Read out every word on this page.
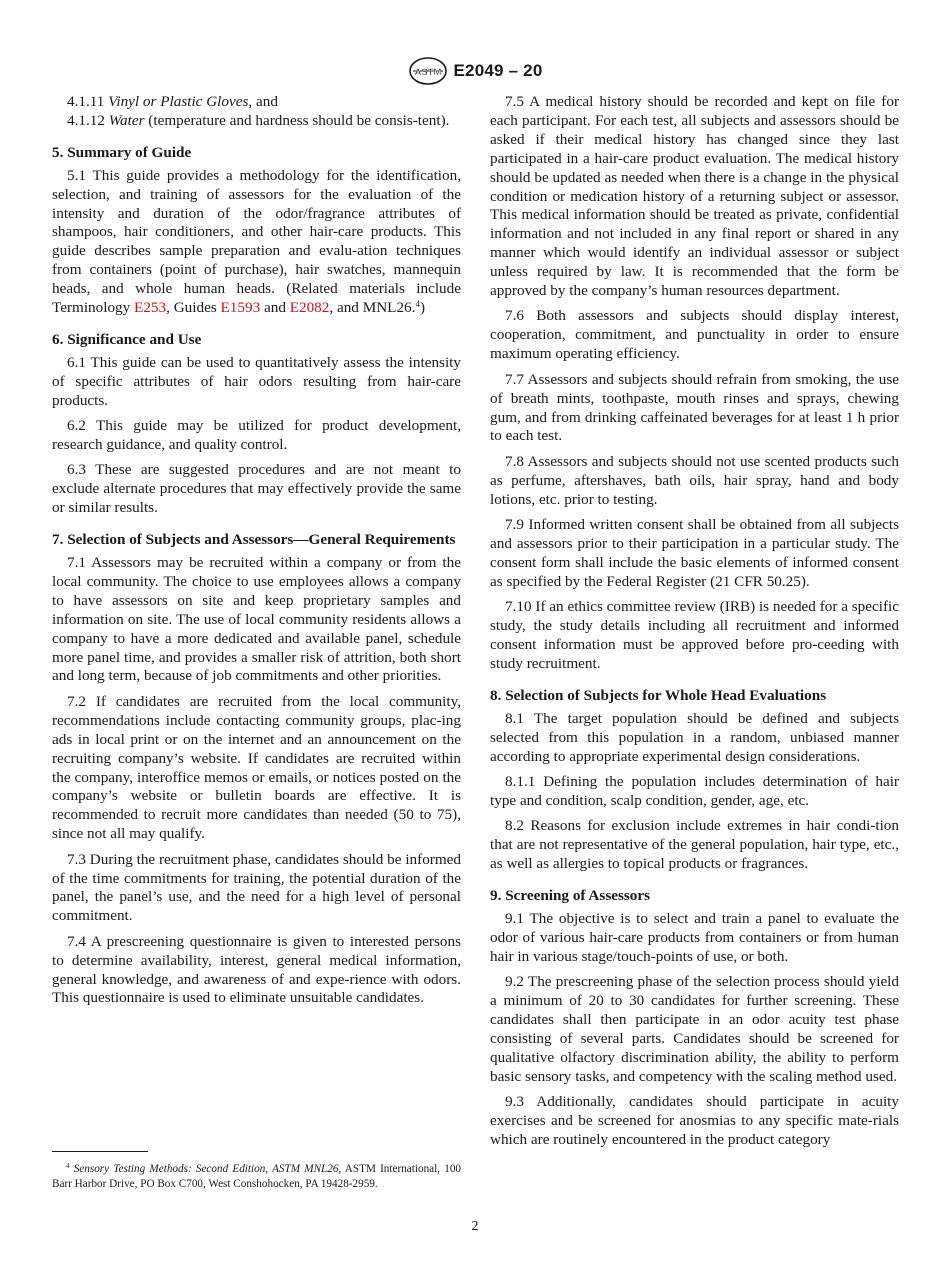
ASTM E2049 – 20

4.1.11 Vinyl or Plastic Gloves, and

4.1.12 Water (temperature and hardness should be consis-tent).

5. Summary of Guide

5.1 This guide provides a methodology for the identification, selection, and training of assessors for the evaluation of the intensity and duration of the odor/fragrance attributes of shampoos, hair conditioners, and other hair-care products. This guide describes sample preparation and evalu-ation techniques from containers (point of purchase), hair swatches, mannequin heads, and whole human heads. (Related materials include Terminology E253, Guides E1593 and E2082, and MNL26.$^4$)

6. Significance and Use

6.1 This guide can be used to quantitatively assess the intensity of specific attributes of hair odors resulting from hair-care products.

6.2 This guide may be utilized for product development, research guidance, and quality control.

6.3 These are suggested procedures and are not meant to exclude alternate procedures that may effectively provide the same or similar results.

7. Selection of Subjects and Assessors—General Requirements

7.1 Assessors may be recruited within a company or from the local community. The choice to use employees allows a company to have assessors on site and keep proprietary samples and information on site. The use of local community residents allows a company to have a more dedicated and available panel, schedule more panel time, and provides a smaller risk of attrition, both short and long term, because of job commitments and other priorities.

7.2 If candidates are recruited from the local community, recommendations include contacting community groups, plac-ing ads in local print or on the internet and an announcement on the recruiting company’s website. If candidates are recruited within the company, interoffice memos or emails, or notices posted on the company’s website or bulletin boards are effective. It is recommended to recruit more candidates than needed (50 to 75), since not all may qualify.

7.3 During the recruitment phase, candidates should be informed of the time commitments for training, the potential duration of the panel, the panel’s use, and the need for a high level of personal commitment.

7.4 A prescreening questionnaire is given to interested persons to determine availability, interest, general medical information, general knowledge, and awareness of and expe-rience with odors. This questionnaire is used to eliminate unsuitable candidates.

$^4$ Sensory Testing Methods: Second Edition, ASTM MNL26, ASTM International, 100 Barr Harbor Drive, PO Box C700, West Conshohocken, PA 19428-2959.

7.5 A medical history should be recorded and kept on file for each participant. For each test, all subjects and assessors should be asked if their medical history has changed since they last participated in a hair-care product evaluation. The medical history should be updated as needed when there is a change in the physical condition or medication history of a returning subject or assessor. This medical information should be treated as private, confidential information and not included in any final report or shared in any manner which would identify an individual assessor or subject unless required by law. It is recommended that the form be approved by the company’s human resources department.

7.6 Both assessors and subjects should display interest, cooperation, commitment, and punctuality in order to ensure maximum operating efficiency.

7.7 Assessors and subjects should refrain from smoking, the use of breath mints, toothpaste, mouth rinses and sprays, chewing gum, and from drinking caffeinated beverages for at least 1 h prior to each test.

7.8 Assessors and subjects should not use scented products such as perfume, aftershaves, bath oils, hair spray, hand and body lotions, etc. prior to testing.

7.9 Informed written consent shall be obtained from all subjects and assessors prior to their participation in a particular study. The consent form shall include the basic elements of informed consent as specified by the Federal Register (21 CFR 50.25).

7.10 If an ethics committee review (IRB) is needed for a specific study, the study details including all recruitment and informed consent information must be approved before pro-ceeding with study recruitment.

8. Selection of Subjects for Whole Head Evaluations

8.1 The target population should be defined and subjects selected from this population in a random, unbiased manner according to appropriate experimental design considerations.

8.1.1 Defining the population includes determination of hair type and condition, scalp condition, gender, age, etc.

8.2 Reasons for exclusion include extremes in hair condi-tion that are not representative of the general population, hair type, etc., as well as allergies to topical products or fragrances.

9. Screening of Assessors

9.1 The objective is to select and train a panel to evaluate the odor of various hair-care products from containers or from human hair in various stage/touch-points of use, or both.

9.2 The prescreening phase of the selection process should yield a minimum of 20 to 30 candidates for further screening. These candidates shall then participate in an odor acuity test phase consisting of several parts. Candidates should be screened for qualitative olfactory discrimination ability, the ability to perform basic sensory tasks, and competency with the scaling method used.

9.3 Additionally, candidates should participate in acuity exercises and be screened for anosmias to any specific mate-rials which are routinely encountered in the product category

2
